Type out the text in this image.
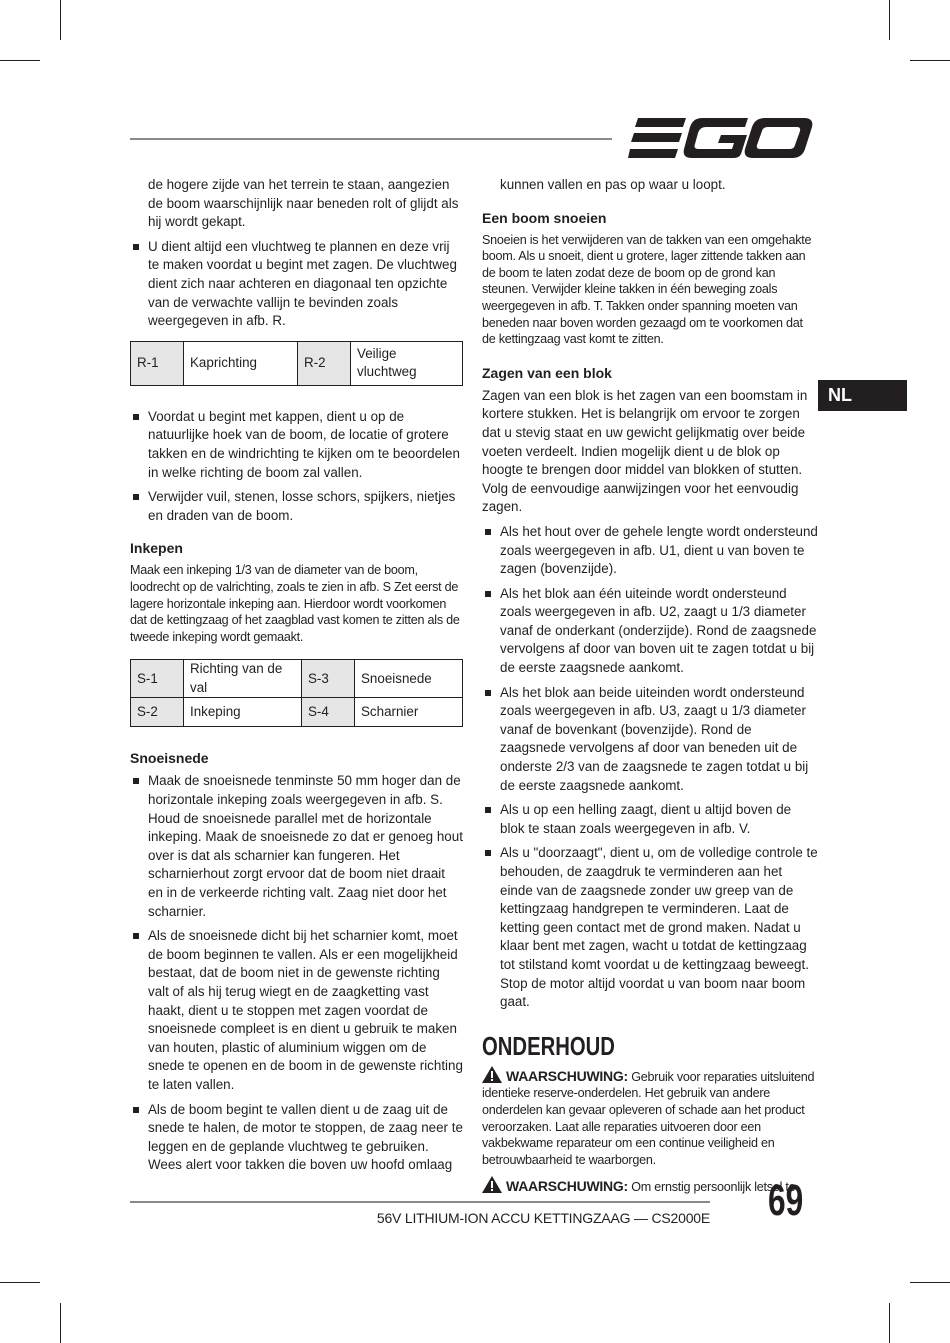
NL

de hogere zijde van het terrein te staan, aangezien de boom waarschijnlijk naar beneden rolt of glijdt als hij wordt gekapt.

U dient altijd een vluchtweg te plannen en deze vrij te maken voordat u begint met zagen. De vluchtweg dient zich naar achteren en diagonaal ten opzichte van de verwachte vallijn te bevinden zoals weergegeven in afb. R.
R-1	Kaprichting	R-2	Veilige vluchtweg
Voordat u begint met kappen, dient u op de natuurlijke hoek van de boom, de locatie of grotere takken en de windrichting te kijken om te beoordelen in welke richting de boom zal vallen.
Verwijder vuil, stenen, losse schors, spijkers, nietjes en draden van de boom.
Inkepen

Maak een inkeping 1/3 van de diameter van de boom, loodrecht op de valrichting, zoals te zien in afb. S Zet eerst de lagere horizontale inkeping aan. Hierdoor wordt voorkomen dat de kettingzaag of het zaagblad vast komen te zitten als de tweede inkeping wordt gemaakt.

S-1	Richting van de val	S-3	Snoeisnede
S-2	Inkeping	S-4	Scharnier
Snoeisnede
Maak de snoeisnede tenminste 50 mm hoger dan de horizontale inkeping zoals weergegeven in afb. S. Houd de snoeisnede parallel met de horizontale inkeping. Maak de snoeisnede zo dat er genoeg hout over is dat als scharnier kan fungeren. Het scharnierhout zorgt ervoor dat de boom niet draait en in de verkeerde richting valt. Zaag niet door het scharnier.
Als de snoeisnede dicht bij het scharnier komt, moet de boom beginnen te vallen. Als er een mogelijkheid bestaat, dat de boom niet in de gewenste richting valt of als hij terug wiegt en de zaagketting vast haakt, dient u te stoppen met zagen voordat de snoeisnede compleet is en dient u gebruik te maken van houten, plastic of aluminium wiggen om de snede te openen en de boom in de gewenste richting te laten vallen.
Als de boom begint te vallen dient u de zaag uit de snede te halen, de motor te stoppen, de zaag neer te leggen en de geplande vluchtweg te gebruiken. Wees alert voor takken die boven uw hoofd omlaag

kunnen vallen en pas op waar u loopt.

Een boom snoeien

Snoeien is het verwijderen van de takken van een omgehakte boom. Als u snoeit, dient u grotere, lager zittende takken aan de boom te laten zodat deze de boom op de grond kan steunen. Verwijder kleine takken in één beweging zoals weergegeven in afb. T. Takken onder spanning moeten van beneden naar boven worden gezaagd om te voorkomen dat de kettingzaag vast komt te zitten.

Zagen van een blok

Zagen van een blok is het zagen van een boomstam in kortere stukken. Het is belangrijk om ervoor te zorgen dat u stevig staat en uw gewicht gelijkmatig over beide voeten verdeelt. Indien mogelijk dient u de blok op hoogte te brengen door middel van blokken of stutten. Volg de eenvoudige aanwijzingen voor het eenvoudig zagen.

Als het hout over de gehele lengte wordt ondersteund zoals weergegeven in afb. U1, dient u van boven te zagen (bovenzijde).
Als het blok aan één uiteinde wordt ondersteund zoals weergegeven in afb. U2, zaagt u 1/3 diameter vanaf de onderkant (onderzijde). Rond de zaagsnede vervolgens af door van boven uit te zagen totdat u bij de eerste zaagsnede aankomt.
Als het blok aan beide uiteinden wordt ondersteund zoals weergegeven in afb. U3, zaagt u 1/3 diameter vanaf de bovenkant (bovenzijde). Rond de zaagsnede vervolgens af door van beneden uit de onderste 2/3 van de zaagsnede te zagen totdat u bij de eerste zaagsnede aankomt.
Als u op een helling zaagt, dient u altijd boven de blok te staan zoals weergegeven in afb. V.
Als u "doorzaagt", dient u, om de volledige controle te behouden, de zaagdruk te verminderen aan het einde van de zaagsnede zonder uw greep van de kettingzaag handgrepen te verminderen. Laat de ketting geen contact met de grond maken. Nadat u klaar bent met zagen, wacht u totdat de kettingzaag tot stilstand komt voordat u de kettingzaag beweegt. Stop de motor altijd voordat u van boom naar boom gaat.
ONDERHOUD

WAARSCHUWING: Gebruik voor reparaties uitsluitend identieke reserve-onderdelen. Het gebruik van andere onderdelen kan gevaar opleveren of schade aan het product veroorzaken. Laat alle reparaties uitvoeren door een vakbekwame reparateur om een continue veiligheid en betrouwbaarheid te waarborgen.

WAARSCHUWING: Om ernstig persoonlijk letsel te

56V LITHIUM-ION ACCU KETTINGZAAG — CS2000E 69
